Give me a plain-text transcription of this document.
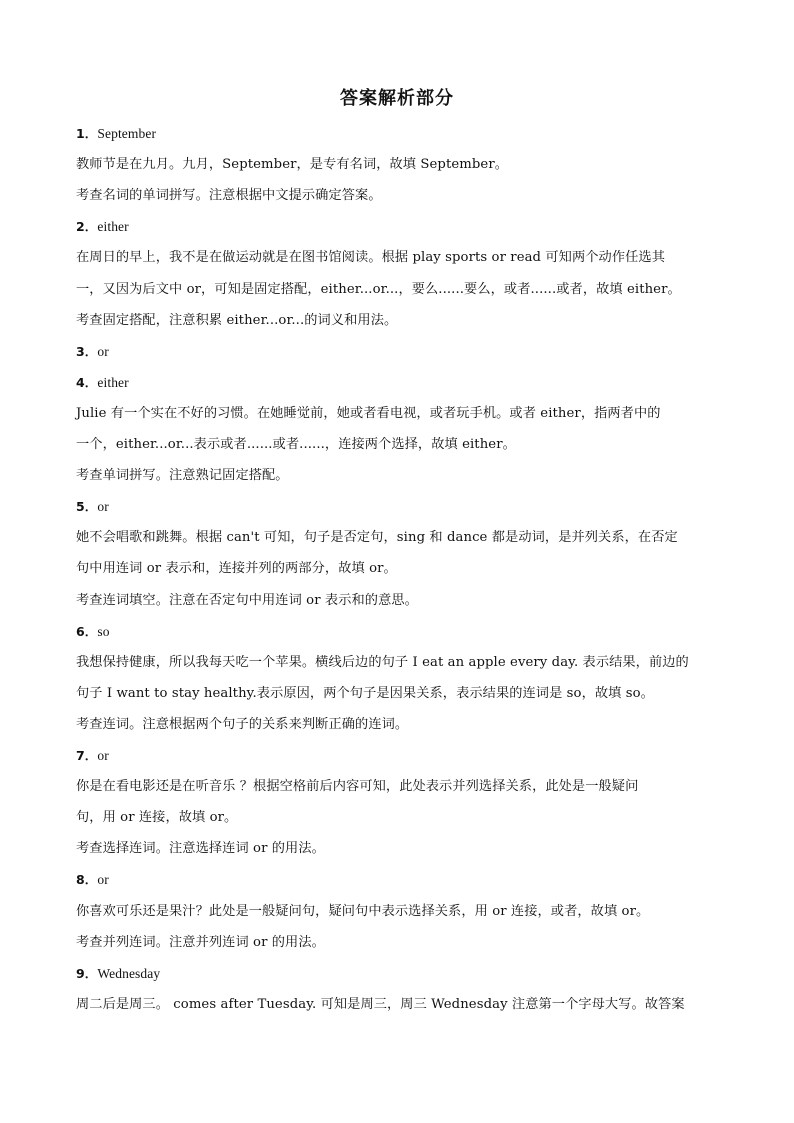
答案解析部分
1．September
教师节是在九月。九月，September，是专有名词，故填 September。
考查名词的单词拼写。注意根据中文提示确定答案。
2．either
在周日的早上，我不是在做运动就是在图书馆阅读。根据 play sports or read 可知两个动作任选其
一，又因为后文中 or，可知是固定搭配，either...or...，要么......要么，或者......或者，故填 either。
考查固定搭配，注意积累 either...or...的词义和用法。
3．or
4．either
Julie 有一个实在不好的习惯。在她睡觉前，她或者看电视，或者玩手机。或者 either，指两者中的
一个，either...or...表示或者......或者......，连接两个选择，故填 either。
考查单词拼写。注意熟记固定搭配。
5．or
她不会唱歌和跳舞。根据 can't 可知，句子是否定句，sing 和 dance 都是动词，是并列关系，在否定
句中用连词 or 表示和，连接并列的两部分，故填 or。
考查连词填空。注意在否定句中用连词 or 表示和的意思。
6．so
我想保持健康，所以我每天吃一个苹果。横线后边的句子 I eat an apple every day. 表示结果，前边的
句子 I want to stay healthy.表示原因，两个句子是因果关系，表示结果的连词是 so，故填 so。
考查连词。注意根据两个句子的关系来判断正确的连词。
7．or
你是在看电影还是在听音乐 ？根据空格前后内容可知，此处表示并列选择关系，此处是一般疑问
句，用 or 连接，故填 or。
考查选择连词。注意选择连词 or 的用法。
8．or
你喜欢可乐还是果汁？此处是一般疑问句，疑问句中表示选择关系，用 or 连接，或者，故填 or。
考查并列连词。注意并列连词 or 的用法。
9．Wednesday
周二后是周三。 comes after Tuesday. 可知是周三，周三 Wednesday 注意第一个字母大写。故答案
